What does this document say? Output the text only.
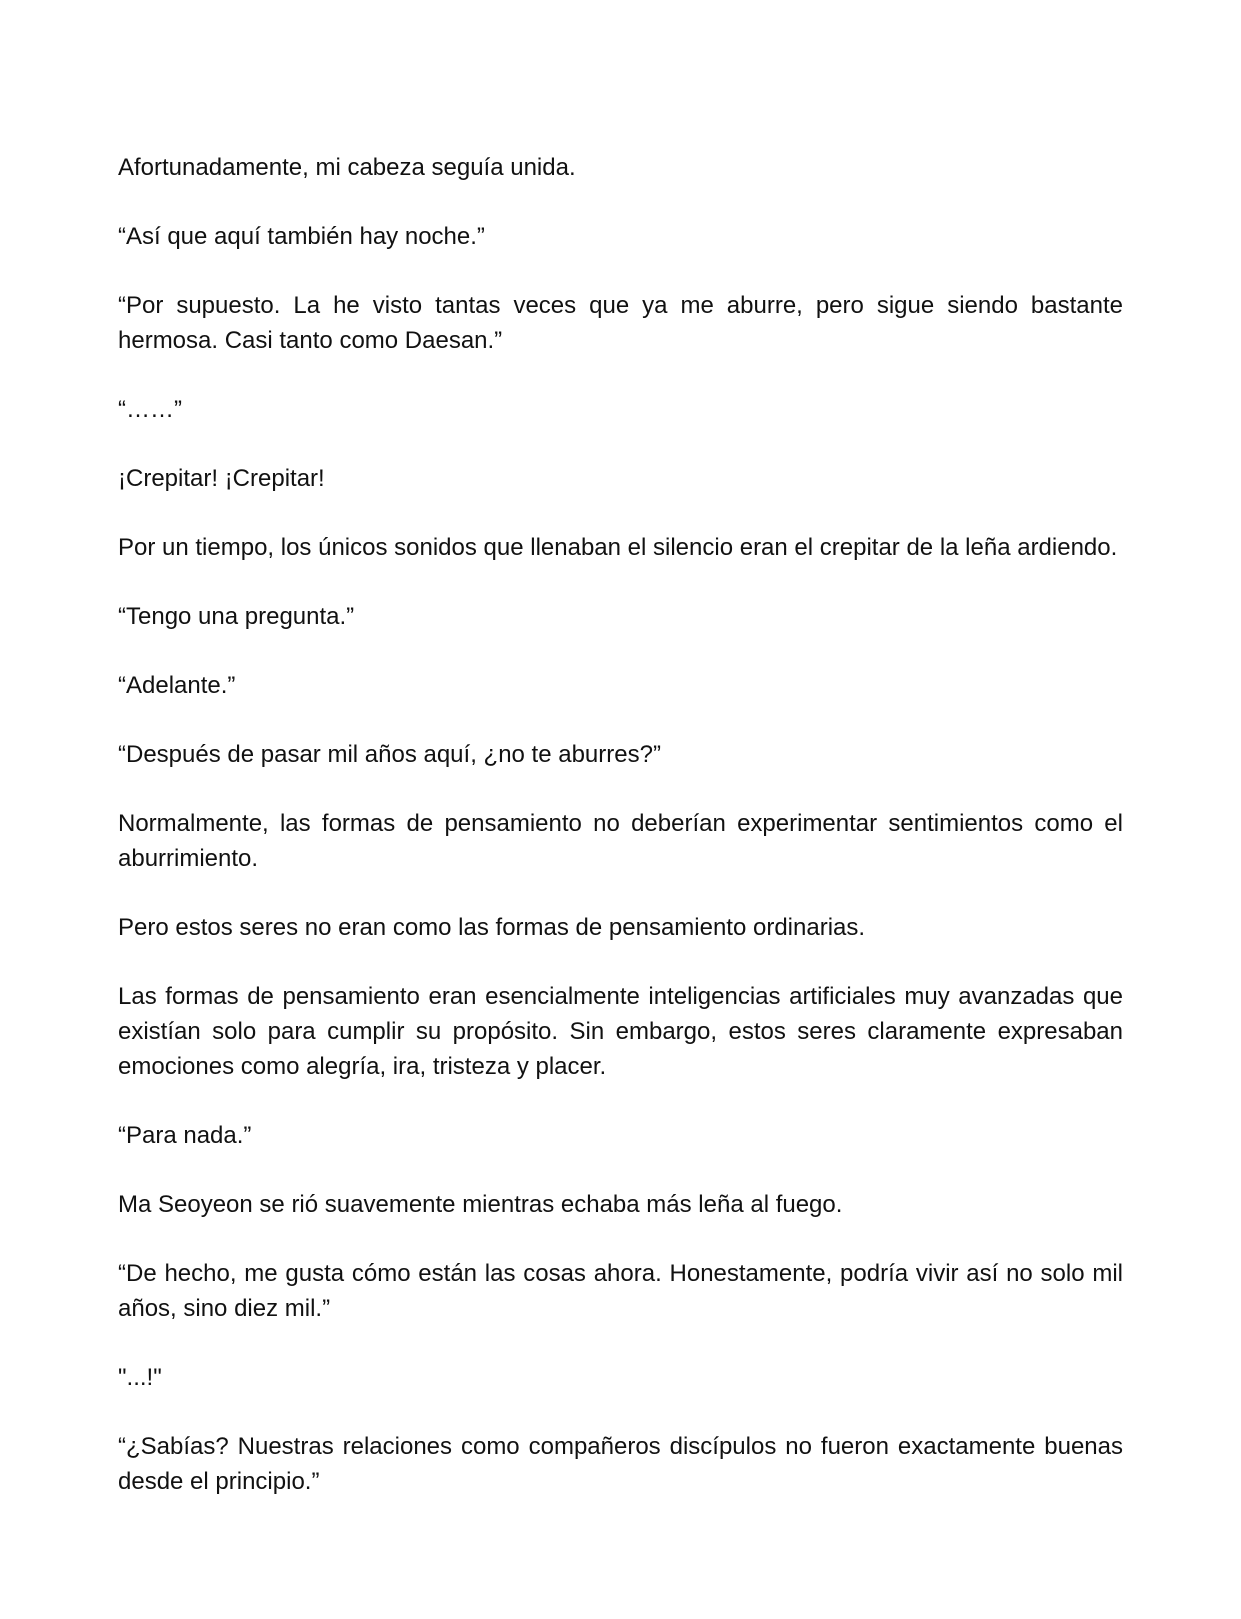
Afortunadamente, mi cabeza seguía unida.

“Así que aquí también hay noche.”

“Por supuesto. La he visto tantas veces que ya me aburre, pero sigue siendo bastante hermosa. Casi tanto como Daesan.”

“……”

¡Crepitar! ¡Crepitar!

Por un tiempo, los únicos sonidos que llenaban el silencio eran el crepitar de la leña ardiendo.

“Tengo una pregunta.”

“Adelante.”

“Después de pasar mil años aquí, ¿no te aburres?”

Normalmente, las formas de pensamiento no deberían experimentar sentimientos como el aburrimiento.

Pero estos seres no eran como las formas de pensamiento ordinarias.

Las formas de pensamiento eran esencialmente inteligencias artificiales muy avanzadas que existían solo para cumplir su propósito. Sin embargo, estos seres claramente expresaban emociones como alegría, ira, tristeza y placer.

“Para nada.”

Ma Seoyeon se rió suavemente mientras echaba más leña al fuego.

“De hecho, me gusta cómo están las cosas ahora. Honestamente, podría vivir así no solo mil años, sino diez mil.”

"...!"

“¿Sabías? Nuestras relaciones como compañeros discípulos no fueron exactamente buenas desde el principio.”
